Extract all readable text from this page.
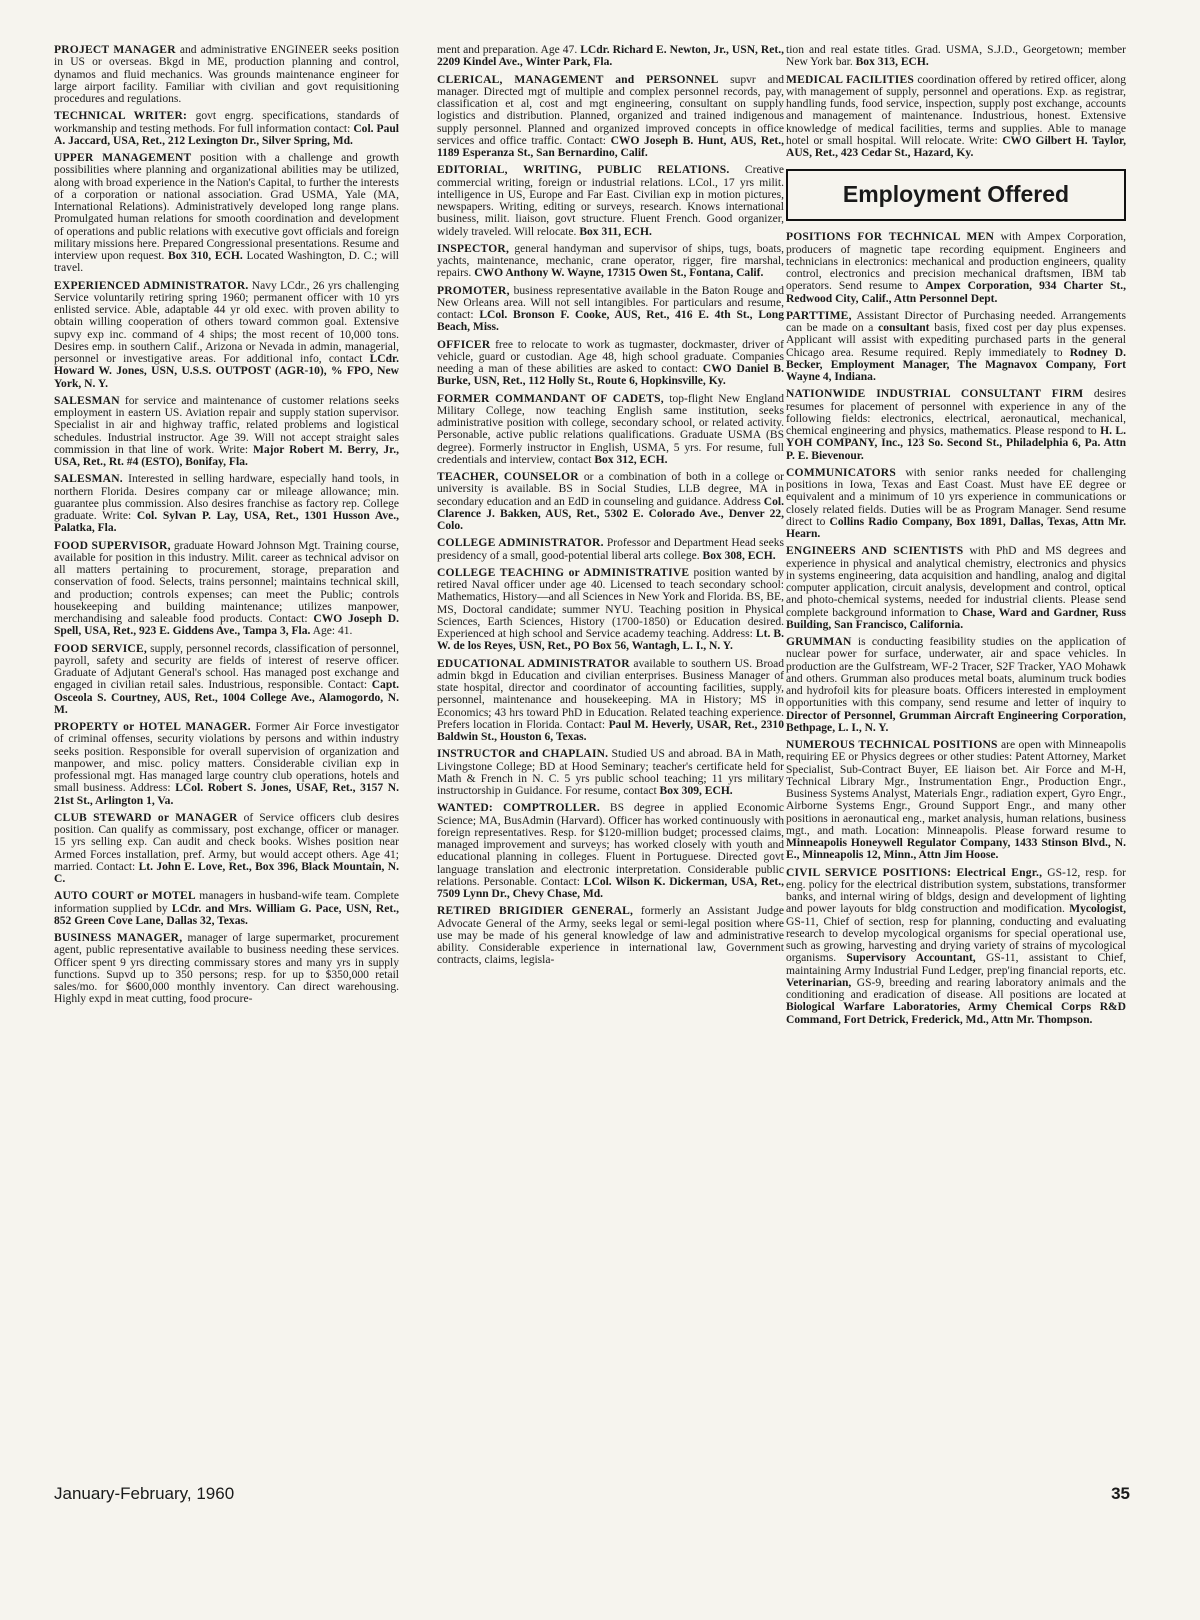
PROJECT MANAGER and administrative ENGINEER seeks position in US or overseas. Bkgd in ME, production planning and control, dynamos and fluid mechanics. Was grounds maintenance engineer for large airport facility. Familiar with civilian and govt requisitioning procedures and regulations.

TECHNICAL WRITER: govt engrg. specifications, standards of workmanship and testing methods. For full information contact: Col. Paul A. Jaccard, USA, Ret., 212 Lexington Dr., Silver Spring, Md.

UPPER MANAGEMENT position with a challenge and growth possibilities where planning and organizational abilities may be utilized, along with broad experience in the Nation's Capital, to further the interests of a corporation or national association. Grad USMA, Yale (MA, International Relations). Administratively developed long range plans. Promulgated human relations for smooth coordination and development of operations and public relations with executive govt officials and foreign military missions here. Prepared Congressional presentations. Resume and interview upon request. Box 310, ECH. Located Washington, D. C.; will travel.

EXPERIENCED ADMINISTRATOR. Navy LCdr., 26 yrs challenging Service voluntarily retiring spring 1960; permanent officer with 10 yrs enlisted service. Able, adaptable 44 yr old exec. with proven ability to obtain willing cooperation of others toward common goal. Extensive supvy exp inc. command of 4 ships; the most recent of 10,000 tons. Desires emp. in southern Calif., Arizona or Nevada in admin, managerial, personnel or investigative areas. For additional info, contact LCdr. Howard W. Jones, USN, U.S.S. OUTPOST (AGR-10), % FPO, New York, N. Y.

SALESMAN for service and maintenance of customer relations seeks employment in eastern US. Aviation repair and supply station supervisor. Specialist in air and highway traffic, related problems and logistical schedules. Industrial instructor. Age 39. Will not accept straight sales commission in that line of work. Write: Major Robert M. Berry, Jr., USA, Ret., Rt. #4 (ESTO), Bonifay, Fla.

SALESMAN. Interested in selling hardware, especially hand tools, in northern Florida. Desires company car or mileage allowance; min. guarantee plus commission. Also desires franchise as factory rep. College graduate. Write: Col. Sylvan P. Lay, USA, Ret., 1301 Husson Ave., Palatka, Fla.

FOOD SUPERVISOR, graduate Howard Johnson Mgt. Training course, available for position in this industry. Milit. career as technical advisor on all matters pertaining to procurement, storage, preparation and conservation of food. Selects, trains personnel; maintains technical skill, and production; controls expenses; can meet the Public; controls housekeeping and building maintenance; utilizes manpower, merchandising and saleable food products. Contact: CWO Joseph D. Spell, USA, Ret., 923 E. Giddens Ave., Tampa 3, Fla. Age: 41.

FOOD SERVICE, supply, personnel records, classification of personnel, payroll, safety and security are fields of interest of reserve officer. Graduate of Adjutant General's school. Has managed post exchange and engaged in civilian retail sales. Industrious, responsible. Contact: Capt. Osceola S. Courtney, AUS, Ret., 1004 College Ave., Alamogordo, N. M.

PROPERTY or HOTEL MANAGER. Former Air Force investigator of criminal offenses, security violations by persons and within industry seeks position. Responsible for overall supervision of organization and manpower, and misc. policy matters. Considerable civilian exp in professional mgt. Has managed large country club operations, hotels and small business. Address: LCol. Robert S. Jones, USAF, Ret., 3157 N. 21st St., Arlington 1, Va.

CLUB STEWARD or MANAGER of Service officers club desires position. Can qualify as commissary, post exchange, officer or manager. 15 yrs selling exp. Can audit and check books. Wishes position near Armed Forces installation, pref. Army, but would accept others. Age 41; married. Contact: Lt. John E. Love, Ret., Box 396, Black Mountain, N. C.

AUTO COURT or MOTEL managers in husband-wife team. Complete information supplied by LCdr. and Mrs. William G. Pace, USN, Ret., 852 Green Cove Lane, Dallas 32, Texas.

BUSINESS MANAGER, manager of large supermarket, procurement agent, public representative available to business needing these services. Officer spent 9 yrs directing commissary stores and many yrs in supply functions. Supvd up to 350 persons; resp. for up to $350,000 retail sales/mo. for $600,000 monthly inventory. Can direct warehousing. Highly expd in meat cutting, food procure-

ment and preparation. Age 47. LCdr. Richard E. Newton, Jr., USN, Ret., 2209 Kindel Ave., Winter Park, Fla.

CLERICAL, MANAGEMENT and PERSONNEL supvr and manager. Directed mgt of multiple and complex personnel records, pay, classification et al, cost and mgt engineering, consultant on supply logistics and distribution. Planned, organized and trained indigenous supply personnel. Planned and organized improved concepts in office services and office traffic. Contact: CWO Joseph B. Hunt, AUS, Ret., 1189 Esperanza St., San Bernardino, Calif.

EDITORIAL, WRITING, PUBLIC RELATIONS. Creative commercial writing, foreign or industrial relations. LCol., 17 yrs milit. intelligence in US, Europe and Far East. Civilian exp in motion pictures, newspapers. Writing, editing or surveys, research. Knows international business, milit. liaison, govt structure. Fluent French. Good organizer, widely traveled. Will relocate. Box 311, ECH.

INSPECTOR, general handyman and supervisor of ships, tugs, boats, yachts, maintenance, mechanic, crane operator, rigger, fire marshal, repairs. CWO Anthony W. Wayne, 17315 Owen St., Fontana, Calif.

PROMOTER, business representative available in the Baton Rouge and New Orleans area. Will not sell intangibles. For particulars and resume, contact: LCol. Bronson F. Cooke, AUS, Ret., 416 E. 4th St., Long Beach, Miss.

OFFICER free to relocate to work as tugmaster, dockmaster, driver of vehicle, guard or custodian. Age 48, high school graduate. Companies needing a man of these abilities are asked to contact: CWO Daniel B. Burke, USN, Ret., 112 Holly St., Route 6, Hopkinsville, Ky.

FORMER COMMANDANT OF CADETS, top-flight New England Military College, now teaching English same institution, seeks administrative position with college, secondary school, or related activity. Personable, active public relations qualifications. Graduate USMA (BS degree). Formerly instructor in English, USMA, 5 yrs. For resume, full credentials and interview, contact Box 312, ECH.

TEACHER, COUNSELOR or a combination of both in a college or university is available. BS in Social Studies, LLB degree, MA in secondary education and an EdD in counseling and guidance. Address Col. Clarence J. Bakken, AUS, Ret., 5302 E. Colorado Ave., Denver 22, Colo.

COLLEGE ADMINISTRATOR. Professor and Department Head seeks presidency of a small, good-potential liberal arts college. Box 308, ECH.

COLLEGE TEACHING or ADMINISTRATIVE position wanted by retired Naval officer under age 40. Licensed to teach secondary school: Mathematics, History—and all Sciences in New York and Florida. BS, BE, MS, Doctoral candidate; summer NYU. Teaching position in Physical Sciences, Earth Sciences, History (1700-1850) or Education desired. Experienced at high school and Service academy teaching. Address: Lt. B. W. de los Reyes, USN, Ret., PO Box 56, Wantagh, L. I., N. Y.

EDUCATIONAL ADMINISTRATOR available to southern US. Broad admin bkgd in Education and civilian enterprises. Business Manager of state hospital, director and coordinator of accounting facilities, supply, personnel, maintenance and housekeeping. MA in History; MS in Economics; 43 hrs toward PhD in Education. Related teaching experience. Prefers location in Florida. Contact: Paul M. Heverly, USAR, Ret., 2310 Baldwin St., Houston 6, Texas.

INSTRUCTOR and CHAPLAIN. Studied US and abroad. BA in Math, Livingstone College; BD at Hood Seminary; teacher's certificate held for Math & French in N. C. 5 yrs public school teaching; 11 yrs military instructorship in Guidance. For resume, contact Box 309, ECH.

WANTED: COMPTROLLER. BS degree in applied Economic Science; MA, BusAdmin (Harvard). Officer has worked continuously with foreign representatives. Resp. for $120-million budget; processed claims, managed improvement and surveys; has worked closely with youth and educational planning in colleges. Fluent in Portuguese. Directed govt language translation and electronic interpretation. Considerable public relations. Personable. Contact: LCol. Wilson K. Dickerman, USA, Ret., 7509 Lynn Dr., Chevy Chase, Md.

RETIRED BRIGIDIER GENERAL, formerly an Assistant Judge Advocate General of the Army, seeks legal or semi-legal position where use may be made of his general knowledge of law and administrative ability. Considerable experience in international law, Government contracts, claims, legisla-

tion and real estate titles. Grad. USMA, S.J.D., Georgetown; member New York bar. Box 313, ECH.

MEDICAL FACILITIES coordination offered by retired officer, along with management of supply, personnel and operations. Exp. as registrar, handling funds, food service, inspection, supply post exchange, accounts and management of maintenance. Industrious, honest. Extensive knowledge of medical facilities, terms and supplies. Able to manage hotel or small hospital. Will relocate. Write: CWO Gilbert H. Taylor, AUS, Ret., 423 Cedar St., Hazard, Ky.

Employment Offered

POSITIONS FOR TECHNICAL MEN with Ampex Corporation, producers of magnetic tape recording equipment. Engineers and technicians in electronics: mechanical and production engineers, quality control, electronics and precision mechanical draftsmen, IBM tab operators. Send resume to Ampex Corporation, 934 Charter St., Redwood City, Calif., Attn Personnel Dept.

PARTTIME, Assistant Director of Purchasing needed. Arrangements can be made on a consultant basis, fixed cost per day plus expenses. Applicant will assist with expediting purchased parts in the general Chicago area. Resume required. Reply immediately to Rodney D. Becker, Employment Manager, The Magnavox Company, Fort Wayne 4, Indiana.

NATIONWIDE INDUSTRIAL CONSULTANT FIRM desires resumes for placement of personnel with experience in any of the following fields: electronics, electrical, aeronautical, mechanical, chemical engineering and physics, mathematics. Please respond to H. L. YOH COMPANY, Inc., 123 So. Second St., Philadelphia 6, Pa. Attn P. E. Bievenour.

COMMUNICATORS with senior ranks needed for challenging positions in Iowa, Texas and East Coast. Must have EE degree or equivalent and a minimum of 10 yrs experience in communications or closely related fields. Duties will be as Program Manager. Send resume direct to Collins Radio Company, Box 1891, Dallas, Texas, Attn Mr. Hearn.

ENGINEERS AND SCIENTISTS with PhD and MS degrees and experience in physical and analytical chemistry, electronics and physics in systems engineering, data acquisition and handling, analog and digital computer application, circuit analysis, development and control, optical and photo-chemical systems, needed for industrial clients. Please send complete background information to Chase, Ward and Gardner, Russ Building, San Francisco, California.

GRUMMAN is conducting feasibility studies on the application of nuclear power for surface, underwater, air and space vehicles. In production are the Gulfstream, WF-2 Tracer, S2F Tracker, YAO Mohawk and others. Grumman also produces metal boats, aluminum truck bodies and hydrofoil kits for pleasure boats. Officers interested in employment opportunities with this company, send resume and letter of inquiry to Director of Personnel, Grumman Aircraft Engineering Corporation, Bethpage, L. I., N. Y.

NUMEROUS TECHNICAL POSITIONS are open with Minneapolis requiring EE or Physics degrees or other studies: Patent Attorney, Market Specialist, Sub-Contract Buyer, EE liaison bet. Air Force and M-H, Technical Library Mgr., Instrumentation Engr., Production Engr., Business Systems Analyst, Materials Engr., radiation expert, Gyro Engr., Airborne Systems Engr., Ground Support Engr., and many other positions in aeronautical eng., market analysis, human relations, business mgt., and math. Location: Minneapolis. Please forward resume to Minneapolis Honeywell Regulator Company, 1433 Stinson Blvd., N. E., Minneapolis 12, Minn., Attn Jim Hoose.

CIVIL SERVICE POSITIONS: Electrical Engr., GS-12, resp. for eng. policy for the electrical distribution system, substations, transformer banks, and internal wiring of bldgs, design and development of lighting and power layouts for bldg construction and modification. Mycologist, GS-11, Chief of section, resp for planning, conducting and evaluating research to develop mycological organisms for special operational use, such as growing, harvesting and drying variety of strains of mycological organisms. Supervisory Accountant, GS-11, assistant to Chief, maintaining Army Industrial Fund Ledger, prep'ing financial reports, etc. Veterinarian, GS-9, breeding and rearing laboratory animals and the conditioning and eradication of disease. All positions are located at Biological Warfare Laboratories, Army Chemical Corps R&D Command, Fort Detrick, Frederick, Md., Attn Mr. Thompson.

January-February, 1960	35
